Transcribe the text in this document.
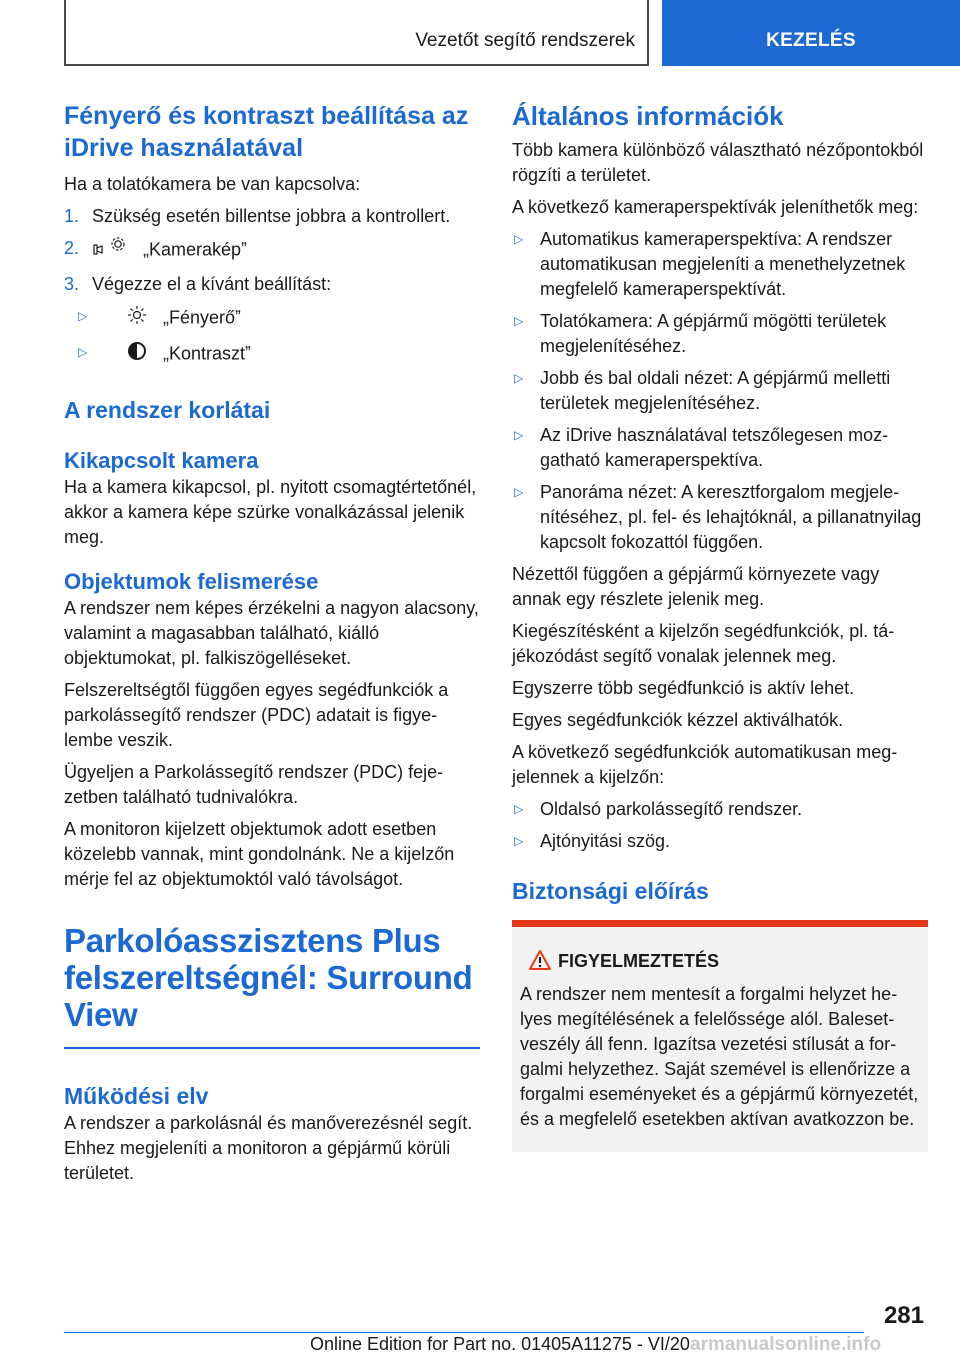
Vezetőt segítő rendszerek	KEZELÉS
Fényerő és kontraszt beállítása az iDrive használatával

Ha a tolatókamera be van kapcsolva:

1. Szükség esetén billentse jobbra a kontrollert.
2.	„Kameraképˮ
3. Végezze el a kívánt beállítást:
▷	„Fényerőˮ
▷	„Kontrasztˮ
A rendszer korlátai
Kikapcsolt kamera

Ha a kamera kikapcsol, pl. nyitott csomagtértetőnél, akkor a kamera képe szürke vonalkázással jelenik meg.

Objektumok felismerése

A rendszer nem képes érzékelni a nagyon alacsony, valamint a magasabban található, kiálló objektumokat, pl. falkiszögelléseket.

Felszereltségtől függően egyes segédfunkciók a parkolássegítő rendszer (PDC) adatait is figyelembe veszik.

Ügyeljen a Parkolássegítő rendszer (PDC) fejezetben található tudnivalókra.

A monitoron kijelzett objektumok adott esetben közelebb vannak, mint gondolnánk. Ne a kijelzőn mérje fel az objektumoktól való távolságot.

Parkolóasszisztens Plus felszereltségnél: Surround View
Működési elv

A rendszer a parkolásnál és manőverezésnél segít. Ehhez megjeleníti a monitoron a gépjármű körüli területet.

Általános információk

Több kamera különböző választható nézőpontokból rögzíti a területet.

A következő kameraperspektívák jeleníthetők meg:

▷ Automatikus kameraperspektíva: A rendszer automatikusan megjeleníti a menethelyzetnek megfelelő kameraperspektívát.
▷ Tolatókamera: A gépjármű mögötti területek megjelenítéséhez.
▷ Jobb és bal oldali nézet: A gépjármű melletti területek megjelenítéséhez.
▷ Az iDrive használatával tetszőlegesen mozgatható kameraperspektíva.
▷ Panoráma nézet: A keresztforgalom megjelenítéséhez, pl. fel- és lehajtóknál, a pillanatnyilag kapcsolt fokozattól függően.

Nézettől függően a gépjármű környezete vagy annak egy részlete jelenik meg.

Kiegészítésként a kijelzőn segédfunkciók, pl. tájékozódást segítő vonalak jelennek meg.

Egyszerre több segédfunkció is aktív lehet.

Egyes segédfunkciók kézzel aktiválhatók.

A következő segédfunkciók automatikusan megjelennek a kijelzőn:

▷ Oldalsó parkolássegítő rendszer.
▷ Ajtónyitási szög.
Biztonsági előírás
FIGYELMEZTETÉS

A rendszer nem mentesít a forgalmi helyzet helyes megítélésének a felelőssége alól. Balesetveszély áll fenn. Igazítsa vezetési stílusát a forgalmi helyzethez. Saját szemével is ellenőrizze a forgalmi eseményeket és a gépjármű környezetét, és a megfelelő esetekben aktívan avatkozzon be.

281
Online Edition for Part no. 01405A11275 - VI/20 armanualsonline.info
